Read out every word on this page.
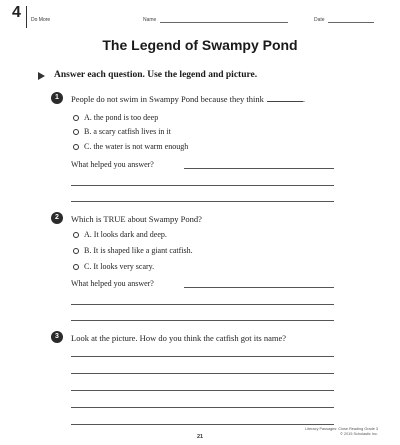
4 Do More	Name	Date
The Legend of Swampy Pond
Answer each question. Use the legend and picture.
1	People do not swim in Swampy Pond because they think	.
A. the pond is too deep
B. a scary catfish lives in it
C. the water is not warm enough
What helped you answer?
2	Which is TRUE about Swampy Pond?
A. It looks dark and deep.
B. It is shaped like a giant catfish.
C. It looks very scary.
What helped you answer?
3	Look at the picture. How do you think the catfish got its name?
21
Literacy Passages: Close Reading Grade 3
© 2015 Scholastic Inc.
